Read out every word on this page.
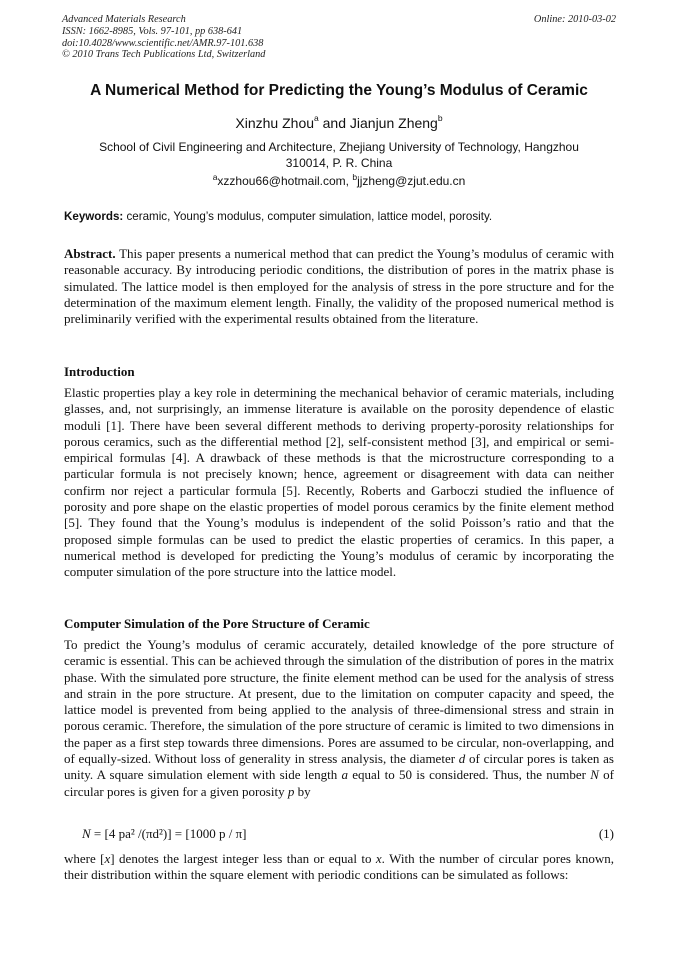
Advanced Materials Research
ISSN: 1662-8985, Vols. 97-101, pp 638-641
doi:10.4028/www.scientific.net/AMR.97-101.638
© 2010 Trans Tech Publications Ltd, Switzerland
Online: 2010-03-02
A Numerical Method for Predicting the Young’s Modulus of Ceramic
Xinzhu Zhou$^a$ and Jianjun Zheng$^b$
School of Civil Engineering and Architecture, Zhejiang University of Technology, Hangzhou 310014, P. R. China
$^a$xzzhou66@hotmail.com, $^b$jjzheng@zjut.edu.cn
Keywords: ceramic, Young’s modulus, computer simulation, lattice model, porosity.
Abstract. This paper presents a numerical method that can predict the Young’s modulus of ceramic with reasonable accuracy. By introducing periodic conditions, the distribution of pores in the matrix phase is simulated. The lattice model is then employed for the analysis of stress in the pore structure and for the determination of the maximum element length. Finally, the validity of the proposed numerical method is preliminarily verified with the experimental results obtained from the literature.
Introduction
Elastic properties play a key role in determining the mechanical behavior of ceramic materials, including glasses, and, not surprisingly, an immense literature is available on the porosity dependence of elastic moduli [1]. There have been several different methods to deriving property-porosity relationships for porous ceramics, such as the differential method [2], self-consistent method [3], and empirical or semi-empirical formulas [4]. A drawback of these methods is that the microstructure corresponding to a particular formula is not precisely known; hence, agreement or disagreement with data can neither confirm nor reject a particular formula [5]. Recently, Roberts and Garboczi studied the influence of porosity and pore shape on the elastic properties of model porous ceramics by the finite element method [5]. They found that the Young’s modulus is independent of the solid Poisson’s ratio and that the proposed simple formulas can be used to predict the elastic properties of ceramics. In this paper, a numerical method is developed for predicting the Young’s modulus of ceramic by incorporating the computer simulation of the pore structure into the lattice model.
Computer Simulation of the Pore Structure of Ceramic
To predict the Young’s modulus of ceramic accurately, detailed knowledge of the pore structure of ceramic is essential. This can be achieved through the simulation of the distribution of pores in the matrix phase. With the simulated pore structure, the finite element method can be used for the analysis of stress and strain in the pore structure. At present, due to the limitation on computer capacity and speed, the lattice model is prevented from being applied to the analysis of three-dimensional stress and strain in porous ceramic. Therefore, the simulation of the pore structure of ceramic is limited to two dimensions in the paper as a first step towards three dimensions. Pores are assumed to be circular, non-overlapping, and of equally-sized. Without loss of generality in stress analysis, the diameter d of circular pores is taken as unity. A square simulation element with side length a equal to 50 is considered. Thus, the number N of circular pores is given for a given porosity p by
N = [4 pa² /(πd²)] = [1000 p / π]	(1)
where [x] denotes the largest integer less than or equal to x. With the number of circular pores known, their distribution within the square element with periodic conditions can be simulated as follows:
